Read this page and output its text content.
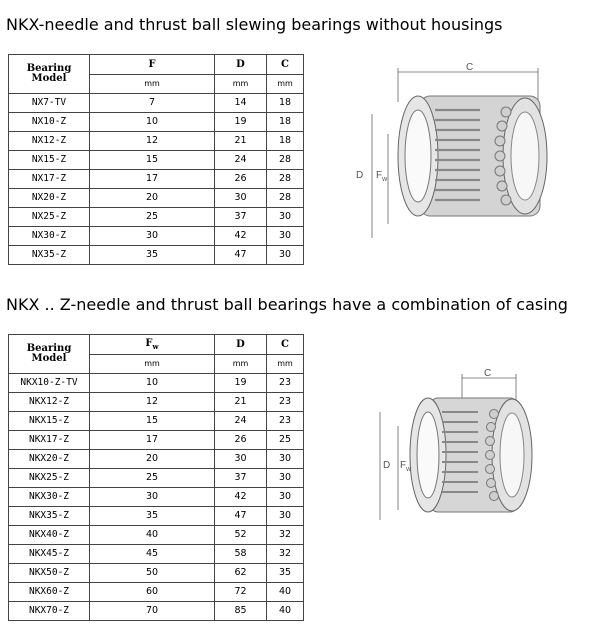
NKX-needle and thrust ball slewing bearings without housings
Bearing Model	F	D	C
	mm	mm	mm
NX7-TV	7	14	18
NX10-Z	10	19	18
NX12-Z	12	21	18
NX15-Z	15	24	28
NX17-Z	17	26	28
NX20-Z	20	30	28
NX25-Z	25	37	30
NX30-Z	30	42	30
NX35-Z	35	47	30
C
D $F_w$
NKX .. Z-needle and thrust ball bearings have a combination of casing
Bearing Model	$F_w$	D	C
	mm	mm	mm
NKX10-Z-TV	10	19	23
NKX12-Z	12	21	23
NKX15-Z	15	24	23
NKX17-Z	17	26	25
NKX20-Z	20	30	30
NKX25-Z	25	37	30
NKX30-Z	30	42	30
NKX35-Z	35	47	30
NKX40-Z	40	52	32
NKX45-Z	45	58	32
NKX50-Z	50	62	35
NKX60-Z	60	72	40
NKX70-Z	70	85	40
C
D $F_w$
